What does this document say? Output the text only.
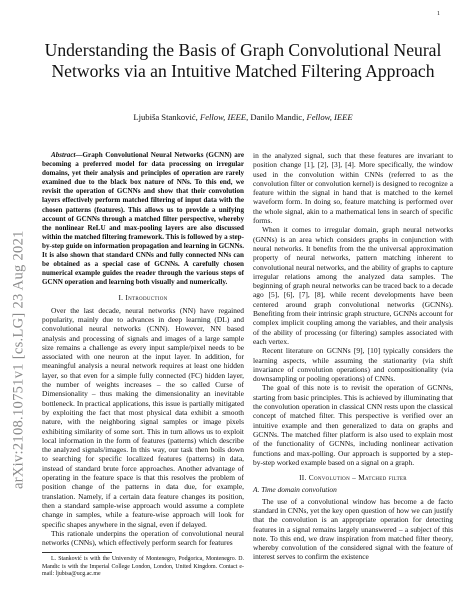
1
arXiv:2108.10751v1 [cs.LG] 23 Aug 2021
Understanding the Basis of Graph Convolutional Neural Networks via an Intuitive Matched Filtering Approach
Ljubiša Stanković, Fellow, IEEE, Danilo Mandic, Fellow, IEEE

Abstract—Graph Convolutional Neural Networks (GCNN) are becoming a preferred model for data processing on irregular domains, yet their analysis and principles of operation are rarely examined due to the black box nature of NNs. To this end, we revisit the operation of GCNNs and show that their convolution layers effectively perform matched filtering of input data with the chosen patterns (features). This allows us to provide a unifying account of GCNNs through a matched filter perspective, whereby the nonlinear ReLU and max-pooling layers are also discussed within the matched filtering framework. This is followed by a step-by-step guide on information propagation and learning in GCNNs. It is also shown that standard CNNs and fully connected NNs can be obtained as a special case of GCNNs. A carefully chosen numerical example guides the reader through the various steps of GCNN operation and learning both visually and numerically.

I. Introduction

Over the last decade, neural networks (NN) have regained popularity, mainly due to advances in deep learning (DL) and convolutional neural networks (CNN). However, NN based analysis and processing of signals and images of a large sample size remains a challenge as every input sample/pixel needs to be associated with one neuron at the input layer. In addition, for meaningful analysis a neural network requires at least one hidden layer, so that even for a simple fully connected (FC) hidden layer, the number of weights increases – the so called Curse of Dimensionality – thus making the dimensionality an inevitable bottleneck. In practical applications, this issue is partially mitigated by exploiting the fact that most physical data exhibit a smooth nature, with the neighboring signal samples or image pixels exhibiting similarity of some sort. This in turn allows us to exploit local information in the form of features (patterns) which describe the analyzed signals/images. In this way, our task then boils down to searching for specific localized features (patterns) in data, instead of standard brute force approaches. Another advantage of operating in the feature space is that this resolves the problem of position change of the patterns in data due, for example, translation. Namely, if a certain data feature changes its position, then a standard sample-wise approach would assume a complete change in samples, while a feature-wise approach will look for specific shapes anywhere in the signal, even if delayed.

This rationale underpins the operation of convolutional neural networks (CNNs), which effectively perform search for features

L. Stanković is with the University of Montenegro, Podgorica, Montenegro. D. Mandic is with the Imperial College London, London, United Kingdom. Contact e-mail: ljubisa@ucg.ac.me

in the analyzed signal, such that these features are invariant to position change [1], [2], [3], [4]. More specifically, the window used in the convolution within CNNs (referred to as the convolution filter or convolution kernel) is designed to recognize a feature within the signal in hand that is matched to the kernel waveform form. In doing so, feature matching is performed over the whole signal, akin to a mathematical lens in search of specific forms.

When it comes to irregular domain, graph neural networks (GNNs) is an area which considers graphs in conjunction with neural networks. It benefits from the the universal approximation property of neural networks, pattern matching inherent to convolutional neural networks, and the ability of graphs to capture irregular relations among the analyzed data samples. The beginning of graph neural networks can be traced back to a decade ago [5], [6], [7], [8], while recent developments have been centered around graph convolutional networks (GCNNs). Benefiting from their intrinsic graph structure, GCNNs account for complex implicit coupling among the variables, and their analysis of the ability of processing (or filtering) samples associated with each vertex.

Recent literature on GCNNs [9], [10] typically considers the learning aspects, while assuming the stationarity (via shift invariance of convolution operations) and compositionality (via downsampling or pooling operations) of CNNs.

The goal of this note is to revisit the operation of GCNNs, starting from basic principles. This is achieved by illuminating that the convolution operation in classical CNN rests upon the classical concept of matched filter. This perspective is verified over an intuitive example and then generalized to data on graphs and GCNNs. The matched filter platform is also used to explain most of the functionality of GCNNs, including nonlinear activation functions and max-polling. Our approach is supported by a step-by-step worked example based on a signal on a graph.

II. Convolution – Matched filter
A. Time domain convolution

The use of a convolutional window has become a de facto standard in CNNs, yet the key open question of how we can justify that the convolution is an appropriate operation for detecting features in a signal remains largely unanswered – a subject of this note. To this end, we draw inspiration from matched filter theory, whereby convolution of the considered signal with the feature of interest serves to confirm the existence
